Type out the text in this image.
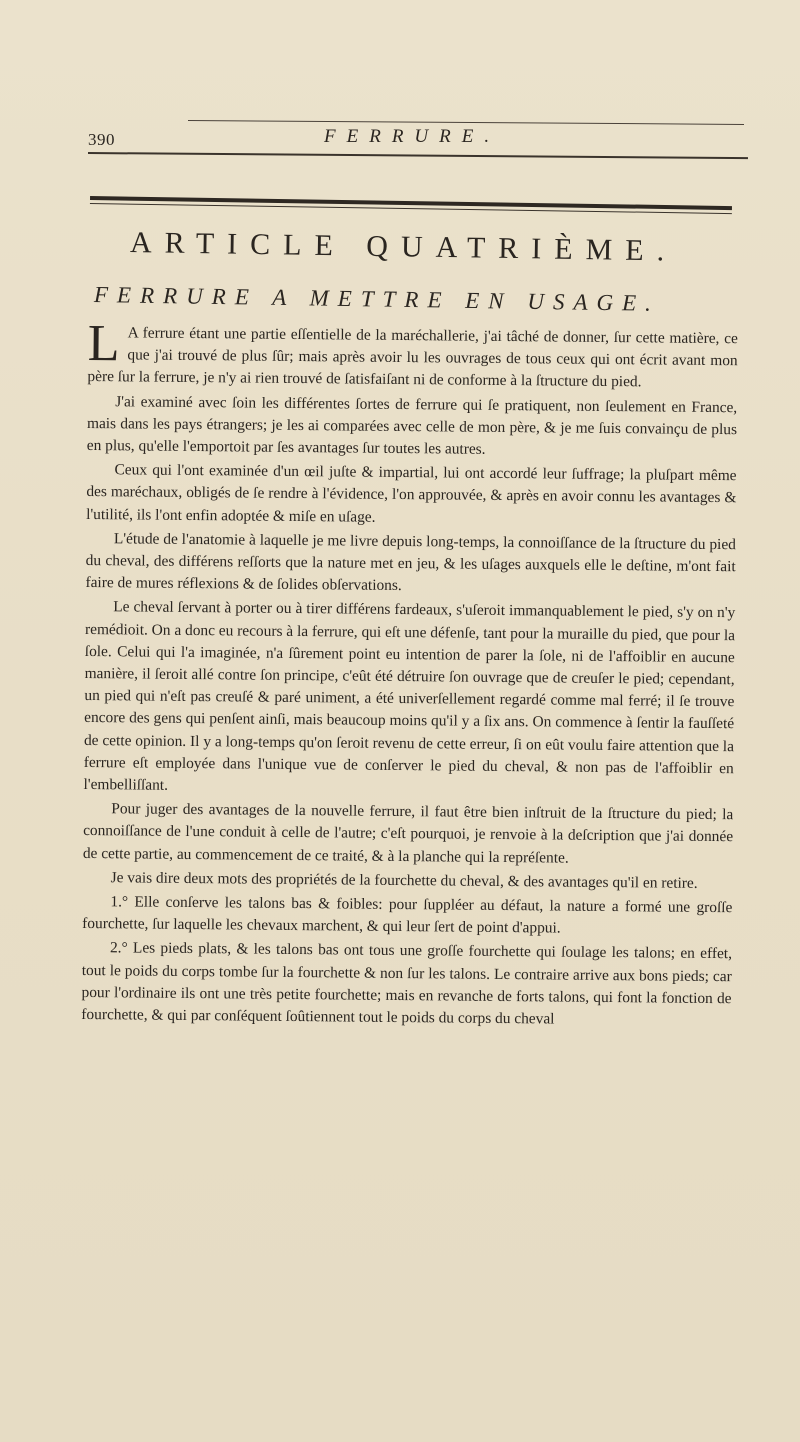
390	FERRURE.
ARTICLE QUATRIÈME.
FERRURE A METTRE EN USAGE.

L A ferrure étant une partie eſſentielle de la maréchallerie, j'ai tâché de donner, ſur cette matière, ce que j'ai trouvé de plus ſûr; mais après avoir lu les ouvrages de tous ceux qui ont écrit avant mon père ſur la ferrure, je n'y ai rien trouvé de ſatisfaiſant ni de conforme à la ſtructure du pied.

J'ai examiné avec ſoin les différentes ſortes de ferrure qui ſe pratiquent, non ſeulement en France, mais dans les pays étrangers; je les ai comparées avec celle de mon père, & je me ſuis convainçu de plus en plus, qu'elle l'emportoit par ſes avantages ſur toutes les autres.

Ceux qui l'ont examinée d'un œil juſte & impartial, lui ont accordé leur ſuffrage; la pluſpart même des maréchaux, obligés de ſe rendre à l'évidence, l'on approuvée, & après en avoir connu les avantages & l'utilité, ils l'ont enfin adoptée & miſe en uſage.

L'étude de l'anatomie à laquelle je me livre depuis long-temps, la connoiſſance de la ſtructure du pied du cheval, des différens reſſorts que la nature met en jeu, & les uſages auxquels elle le deſtine, m'ont fait faire de mures réflexions & de ſolides obſervations.

Le cheval ſervant à porter ou à tirer différens fardeaux, s'uſeroit immanquablement le pied, s'y on n'y remédioit. On a donc eu recours à la ferrure, qui eſt une défenſe, tant pour la muraille du pied, que pour la ſole. Celui qui l'a imaginée, n'a ſûrement point eu intention de parer la ſole, ni de l'affoiblir en aucune manière, il ſeroit allé contre ſon principe, c'eût été détruire ſon ouvrage que de creuſer le pied; cependant, un pied qui n'eſt pas creuſé & paré uniment, a été univerſellement regardé comme mal ferré; il ſe trouve encore des gens qui penſent ainſi, mais beaucoup moins qu'il y a ſix ans. On commence à ſentir la fauſſeté de cette opinion. Il y a long-temps qu'on ſeroit revenu de cette erreur, ſi on eût voulu faire attention que la ferrure eſt employée dans l'unique vue de conſerver le pied du cheval, & non pas de l'affoiblir en l'embelliſſant.

Pour juger des avantages de la nouvelle ferrure, il faut être bien inſtruit de la ſtructure du pied; la connoiſſance de l'une conduit à celle de l'autre; c'eſt pourquoi, je renvoie à la deſcription que j'ai donnée de cette partie, au commencement de ce traité, & à la planche qui la repréſente.

Je vais dire deux mots des propriétés de la fourchette du cheval, & des avantages qu'il en retire.

1.° Elle conſerve les talons bas & foibles: pour ſuppléer au défaut, la nature a formé une groſſe fourchette, ſur laquelle les chevaux marchent, & qui leur ſert de point d'appui.

2.° Les pieds plats, & les talons bas ont tous une groſſe fourchette qui ſoulage les talons; en effet, tout le poids du corps tombe ſur la fourchette & non ſur les talons. Le contraire arrive aux bons pieds; car pour l'ordinaire ils ont une très petite fourchette; mais en revanche de forts talons, qui font la fonction de fourchette, & qui par conſéquent ſoûtiennent tout le poids du corps du cheval
